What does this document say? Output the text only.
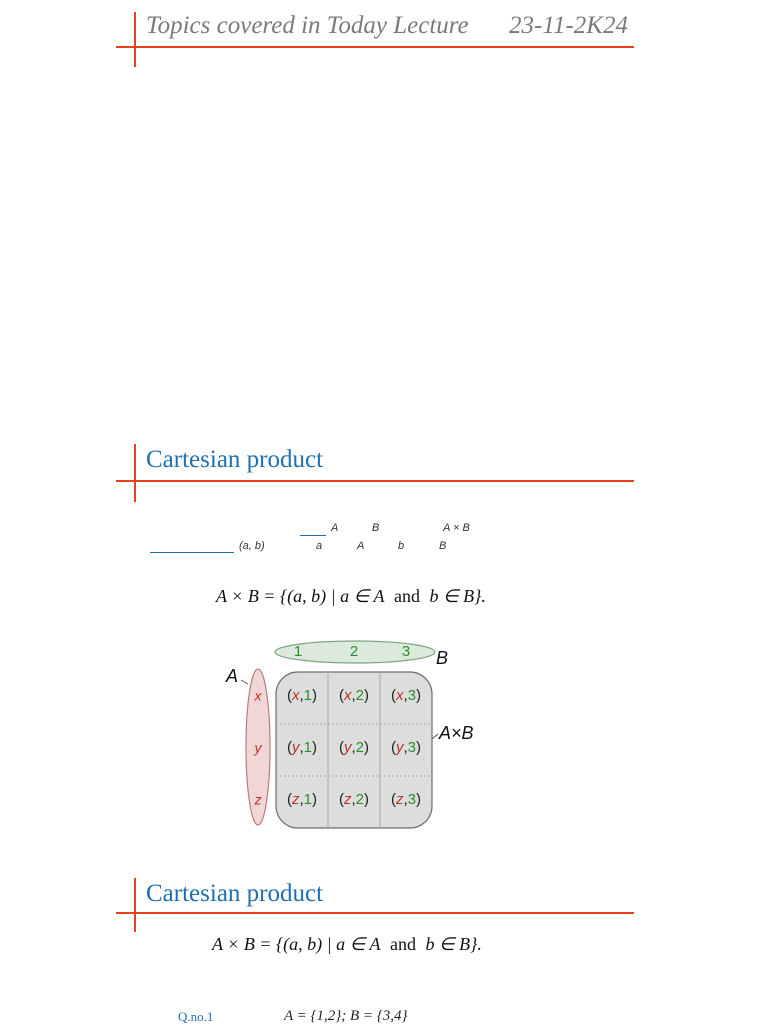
Topics covered in Today Lecture 23-11-2K24
Cartesian product
A	B	A × B
(a, b)	a	A	b	B
A × B = {(a, b) | a ∈ A and b ∈ B}.
1	2	3
x
y
z
(x,1) (x,2) (x,3)
(y,1) (y,2) (y,3)
(z,1) (z,2) (z,3)
A
B
A×B
Cartesian product
A × B = {(a, b) | a ∈ A and b ∈ B}.
Q.no.1	A = {1,2}; B = {3,4}
